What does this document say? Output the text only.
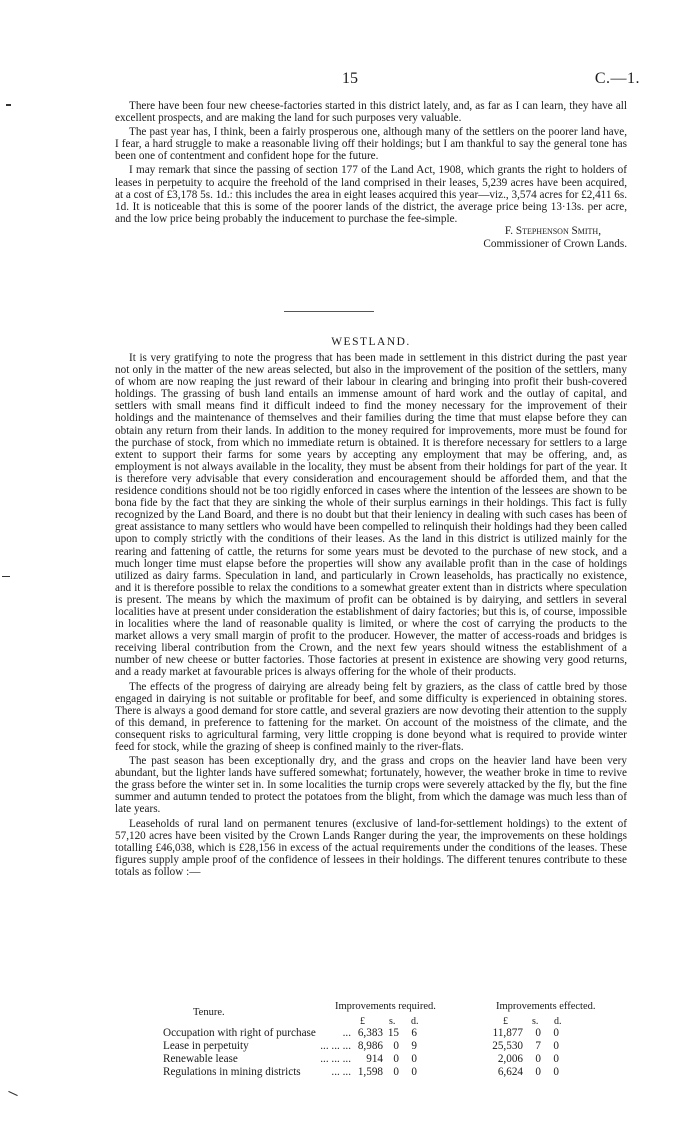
15	C.—1.

There have been four new cheese-factories started in this district lately, and, as far as I can learn, they have all excellent prospects, and are making the land for such purposes very valuable.

The past year has, I think, been a fairly prosperous one, although many of the settlers on the poorer land have, I fear, a hard struggle to make a reasonable living off their holdings; but I am thankful to say the general tone has been one of contentment and confident hope for the future.

I may remark that since the passing of section 177 of the Land Act, 1908, which grants the right to holders of leases in perpetuity to acquire the freehold of the land comprised in their leases, 5,239 acres have been acquired, at a cost of £3,178 5s. 1d.: this includes the area in eight leases acquired this year—viz., 3,574 acres for £2,411 6s. 1d. It is noticeable that this is some of the poorer lands of the district, the average price being 13·13s. per acre, and the low price being probably the inducement to purchase the fee-simple.

F. Stephenson Smith,
Commissioner of Crown Lands.
WESTLAND.

It is very gratifying to note the progress that has been made in settlement in this district during the past year not only in the matter of the new areas selected, but also in the improvement of the position of the settlers, many of whom are now reaping the just reward of their labour in clearing and bringing into profit their bush-covered holdings. The grassing of bush land entails an immense amount of hard work and the outlay of capital, and settlers with small means find it difficult indeed to find the money necessary for the improvement of their holdings and the maintenance of themselves and their families during the time that must elapse before they can obtain any return from their lands. In addition to the money required for improvements, more must be found for the purchase of stock, from which no immediate return is obtained. It is therefore necessary for settlers to a large extent to support their farms for some years by accepting any employment that may be offering, and, as employment is not always available in the locality, they must be absent from their holdings for part of the year. It is therefore very advisable that every consideration and encouragement should be afforded them, and that the residence conditions should not be too rigidly enforced in cases where the intention of the lessees are shown to be bona fide by the fact that they are sinking the whole of their surplus earnings in their holdings. This fact is fully recognized by the Land Board, and there is no doubt but that their leniency in dealing with such cases has been of great assistance to many settlers who would have been compelled to relinquish their holdings had they been called upon to comply strictly with the conditions of their leases. As the land in this district is utilized mainly for the rearing and fattening of cattle, the returns for some years must be devoted to the purchase of new stock, and a much longer time must elapse before the properties will show any available profit than in the case of holdings utilized as dairy farms. Speculation in land, and particularly in Crown leaseholds, has practically no existence, and it is therefore possible to relax the conditions to a somewhat greater extent than in districts where speculation is present. The means by which the maximum of profit can be obtained is by dairying, and settlers in several localities have at present under consideration the establishment of dairy factories; but this is, of course, impossible in localities where the land of reasonable quality is limited, or where the cost of carrying the products to the market allows a very small margin of profit to the producer. However, the matter of access-roads and bridges is receiving liberal contribution from the Crown, and the next few years should witness the establishment of a number of new cheese or butter factories. Those factories at present in existence are showing very good returns, and a ready market at favourable prices is always offering for the whole of their products.

The effects of the progress of dairying are already being felt by graziers, as the class of cattle bred by those engaged in dairying is not suitable or profitable for beef, and some difficulty is experienced in obtaining stores. There is always a good demand for store cattle, and several graziers are now devoting their attention to the supply of this demand, in preference to fattening for the market. On account of the moistness of the climate, and the consequent risks to agricultural farming, very little cropping is done beyond what is required to provide winter feed for stock, while the grazing of sheep is confined mainly to the river-flats.

The past season has been exceptionally dry, and the grass and crops on the heavier land have been very abundant, but the lighter lands have suffered somewhat; fortunately, however, the weather broke in time to revive the grass before the winter set in. In some localities the turnip crops were severely attacked by the fly, but the fine summer and autumn tended to protect the potatoes from the blight, from which the damage was much less than of late years.

Leaseholds of rural land on permanent tenures (exclusive of land-for-settlement holdings) to the extent of 57,120 acres have been visited by the Crown Lands Ranger during the year, the improvements on these holdings totalling £46,038, which is £28,156 in excess of the actual requirements under the conditions of the leases. These figures supply ample proof of the confidence of lessees in their holdings. The different tenures contribute to these totals as follow :—

Tenure.
Improvements required.	Improvements effected.
£ s. d.	£ s. d.
Occupation with right of purchase	... 6,383 15	6	11,877	0	0
Lease in perpetuity	... ... ... 8,986 0	9	25,530	7	0
Renewable lease	... ... ...	914 0	0	2,006	0	0
Regulations in mining districts	... ... 1,598 0	0	6,624	0	0
